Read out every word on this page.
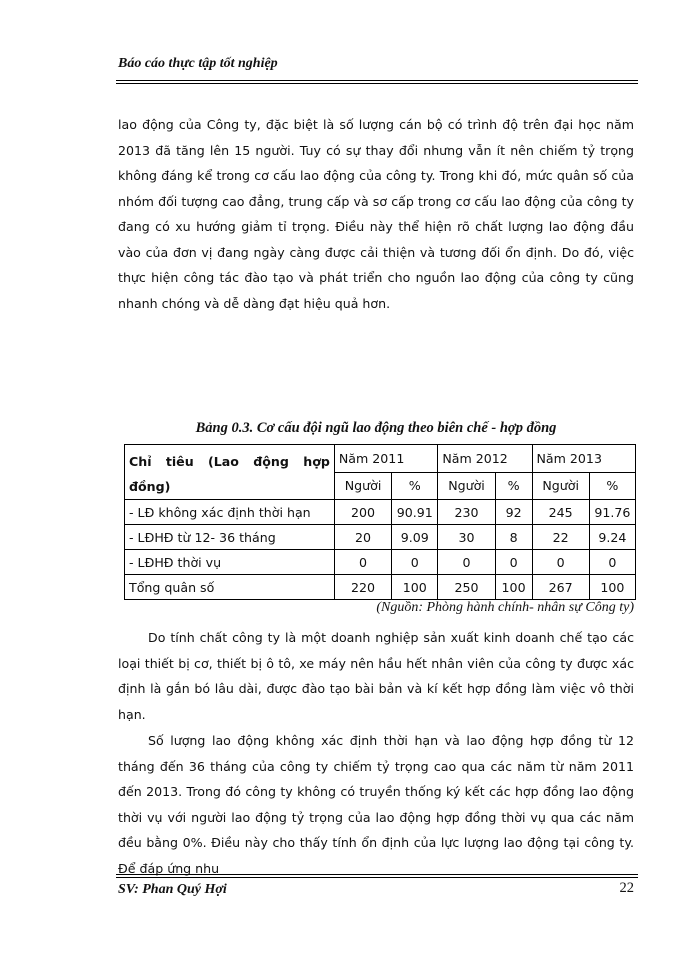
Báo cáo thực tập tốt nghiệp
lao động của Công ty, đặc biệt là số lượng cán bộ có trình độ trên đại học năm 2013 đã tăng lên 15 người. Tuy có sự thay đổi nhưng vẫn ít nên chiếm tỷ trọng không đáng kể trong cơ cấu lao động của công ty. Trong khi đó, mức quân số của nhóm đối tượng cao đẳng, trung cấp và sơ cấp trong cơ cấu lao động của công ty đang có xu hướng giảm tỉ trọng. Điều này thể hiện rõ chất lượng lao động đầu vào của đơn vị đang ngày càng được cải thiện và tương đối ổn định. Do đó, việc thực hiện công tác đào tạo và phát triển cho nguồn lao động của công ty cũng nhanh chóng và dễ dàng đạt hiệu quả hơn.
Bảng 0.3. Cơ cấu đội ngũ lao động theo biên chế - hợp đồng
Chỉ tiêu (Lao động hợp đồng)	Năm 2011		Năm 2012		Năm 2013	
	Người	%	Người	%	Người	%
- LĐ không xác định thời hạn	200	90.91	230	92	245	91.76
- LĐHĐ từ 12- 36 tháng	20	9.09	30	8	22	9.24
- LĐHĐ thời vụ	0	0	0	0	0	0
Tổng quân số	220	100	250	100	267	100
(Nguồn: Phòng hành chính- nhân sự Công ty)
Do tính chất công ty là một doanh nghiệp sản xuất kinh doanh chế tạo các loại thiết bị cơ, thiết bị ô tô, xe máy nên hầu hết nhân viên của công ty được xác định là gắn bó lâu dài, được đào tạo bài bản và kí kết hợp đồng làm việc vô thời hạn.
Số lượng lao động không xác định thời hạn và lao động hợp đồng từ 12 tháng đến 36 tháng của công ty chiếm tỷ trọng cao qua các năm từ năm 2011 đến 2013. Trong đó công ty không có truyền thống ký kết các hợp đồng lao động thời vụ với người lao động tỷ trọng của lao động hợp đồng thời vụ qua các năm đều bằng 0%. Điều này cho thấy tính ổn định của lực lượng lao động tại công ty. Để đáp ứng nhu
SV: Phan Quý Hợi	22
